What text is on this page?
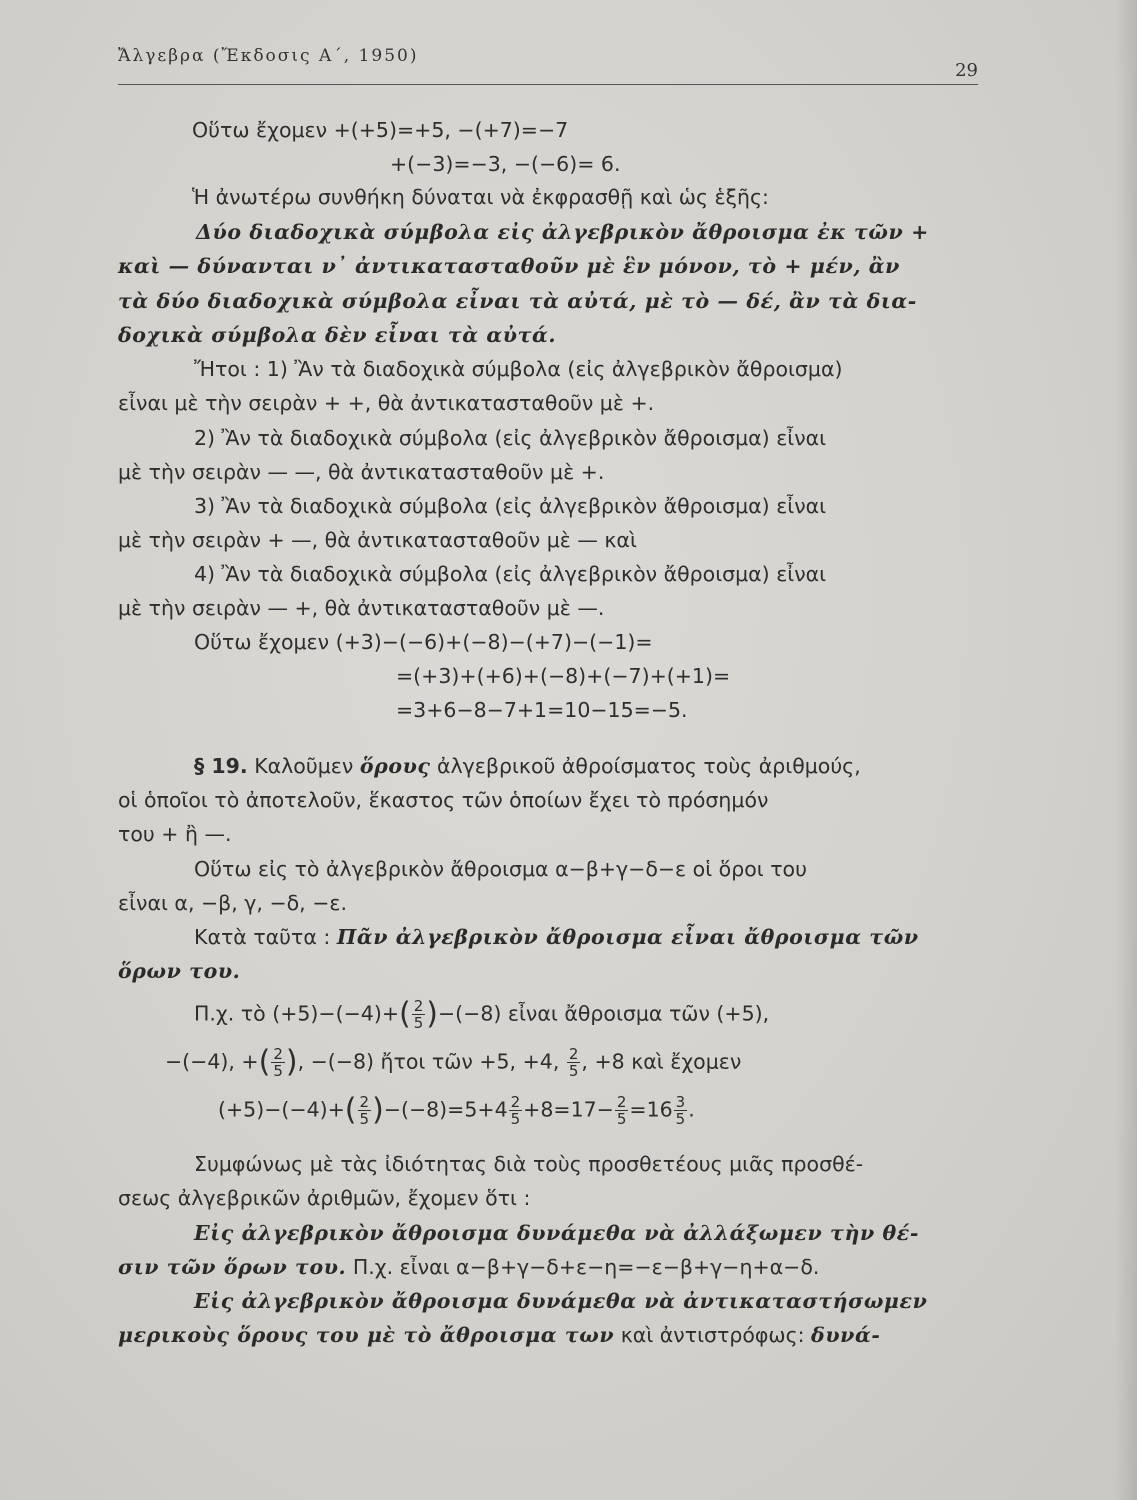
Ἄλγεβρα (Ἔκδοσις Α΄, 1950)
29
Οὕτω ἔχομεν +(+5)=+5, −(+7)=−7
+(−3)=−3, −(−6)= 6.
Ἡ ἀνωτέρω συνθήκη δύναται νὰ ἐκφρασθῇ καὶ ὡς ἑξῆς:
Δύο διαδοχικὰ σύμβολα εἰς ἀλγεβρικὸν ἄθροισμα ἐκ τῶν +
καὶ — δύνανται ν᾽ ἀντικατασταθοῦν μὲ ἓν μόνον, τὸ + μέν, ἂν
τὰ δύο διαδοχικὰ σύμβολα εἶναι τὰ αὐτά, μὲ τὸ — δέ, ἂν τὰ δια-
δοχικὰ σύμβολα δὲν εἶναι τὰ αὐτά.
Ἤτοι : 1) Ἂν τὰ διαδοχικὰ σύμβολα (εἰς ἀλγεβρικὸν ἄθροισμα)
εἶναι μὲ τὴν σειρὰν + +, θὰ ἀντικατασταθοῦν μὲ +.
2) Ἂν τὰ διαδοχικὰ σύμβολα (εἰς ἀλγεβρικὸν ἄθροισμα) εἶναι
μὲ τὴν σειρὰν — —, θὰ ἀντικατασταθοῦν μὲ +.
3) Ἂν τὰ διαδοχικὰ σύμβολα (εἰς ἀλγεβρικὸν ἄθροισμα) εἶναι
μὲ τὴν σειρὰν + —, θὰ ἀντικατασταθοῦν μὲ — καὶ
4) Ἂν τὰ διαδοχικὰ σύμβολα (εἰς ἀλγεβρικὸν ἄθροισμα) εἶναι
μὲ τὴν σειρὰν — +, θὰ ἀντικατασταθοῦν μὲ —.
Οὕτω ἔχομεν (+3)−(−6)+(−8)−(+7)−(−1)=
=(+3)+(+6)+(−8)+(−7)+(+1)=
=3+6−8−7+1=10−15=−5.
§ 19. Καλοῦμεν ὅρους ἀλγεβρικοῦ ἀθροίσματος τοὺς ἀριθμούς,
οἱ ὁποῖοι τὸ ἀποτελοῦν, ἕκαστος τῶν ὁποίων ἔχει τὸ πρόσημόν
του + ἢ —.
Οὕτω εἰς τὸ ἀλγεβρικὸν ἄθροισμα α−β+γ−δ−ε οἱ ὅροι του
εἶναι α, −β, γ, −δ, −ε.
Κατὰ ταῦτα : Πᾶν ἀλγεβρικὸν ἄθροισμα εἶναι ἄθροισμα τῶν
ὅρων του.
Π.χ. τὸ $(+5)-(-4)+( \frac{2}{5} )-(-8)$ εἶναι ἄθροισμα τῶν (+5),
−(−4), +( $\frac{2}{5}$ ), −(−8) ἤτοι τῶν +5, +4, $\frac{2}{5}$ , +8 καὶ ἔχομεν
$(+5)-(-4)+( \frac{2}{5} )-(-8)=5+4 \frac{2}{5} +8=17- \frac{2}{5} =16 \frac{3}{5}$ .
Συμφώνως μὲ τὰς ἰδιότητας διὰ τοὺς προσθετέους μιᾶς προσθέ-
σεως ἀλγεβρικῶν ἀριθμῶν, ἔχομεν ὅτι :
Εἰς ἀλγεβρικὸν ἄθροισμα δυνάμεθα νὰ ἀλλάξωμεν τὴν θέ-
σιν τῶν ὅρων του. Π.χ. εἶναι α−β+γ−δ+ε−η=−ε−β+γ−η+α−δ.
Εἰς ἀλγεβρικὸν ἄθροισμα δυνάμεθα νὰ ἀντικαταστήσωμεν
μερικοὺς ὅρους του μὲ τὸ ἄθροισμα των καὶ ἀντιστρόφως: δυνά-
